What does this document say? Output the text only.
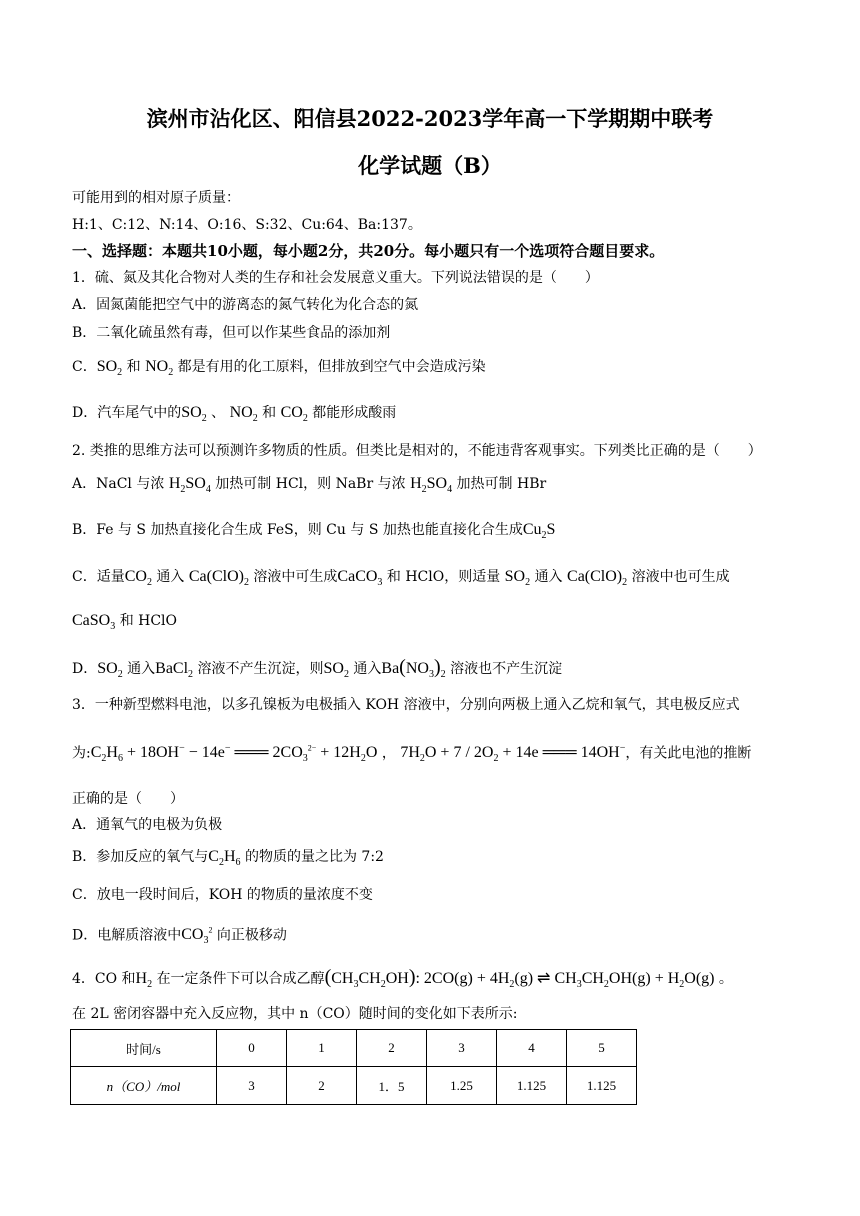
滨州市沾化区、阳信县2022-2023学年高一下学期期中联考
化学试题（B）
可能用到的相对原子质量：
H:1、C:12、N:14、O:16、S:32、Cu:64、Ba:137。
一、选择题：本题共10小题，每小题2分，共20分。每小题只有一个选项符合题目要求。
1．硫、氮及其化合物对人类的生存和社会发展意义重大。下列说法错误的是（　　）
A．固氮菌能把空气中的游离态的氮气转化为化合态的氮
B．二氧化硫虽然有毒，但可以作某些食品的添加剂
C．$SO_2$ 和 $NO_2$ 都是有用的化工原料，但排放到空气中会造成污染
D．汽车尾气中的$SO_2$ 、 $NO_2$ 和 $CO_2$ 都能形成酸雨
2. 类推的思维方法可以预测许多物质的性质。但类比是相对的，不能违背客观事实。下列类比正确的是（　　）
A．NaCl 与浓 $H_2SO_4$ 加热可制 HCl，则 NaBr 与浓 $H_2SO_4$ 加热可制 HBr
B．Fe 与 S 加热直接化合生成 FeS，则 Cu 与 S 加热也能直接化合生成$Cu_2S$
C．适量$CO_2$ 通入 $Ca(ClO)_2$ 溶液中可生成CaCO$_3$ 和 HClO，则适量 $SO_2$ 通入 $Ca(ClO)_2$ 溶液中也可生成
CaSO$_3$ 和 HClO
D．$SO_2$ 通入BaCl$_2$ 溶液不产生沉淀，则$SO_2$ 通入$Ba(NO_3)_2$ 溶液也不产生沉淀
3．一种新型燃料电池，以多孔镍板为电极插入 KOH 溶液中，分别向两极上通入乙烷和氧气，其电极反应式
为$:C_2H_6 + 18OH^- - 14e^-$ ═══ $2CO_3^{2-} + 12H_2O$ ， $7H_2O + 7 / 2O_2 + 14e$ ═══ 14OH−，有关此电池的推断
正确的是（　　）
A．通氧气的电极为负极
B．参加反应的氧气与$C_2H_6$ 的物质的量之比为 7:2
C．放电一段时间后，KOH 的物质的量浓度不变
D．电解质溶液中$CO_3^2$ 向正极移动
4．CO 和$H_2$ 在一定条件下可以合成乙醇$(CH_3CH_2OH)$: $2CO(g) + 4H_2(g)$ ⇌ $CH_3CH_2OH(g) + H_2O(g)$ 。
在 2L 密闭容器中充入反应物，其中 n（CO）随时间的变化如下表所示:
时间/s	0	1	2	3	4	5
n（CO）/mol	3	2	1．5	1.25	1.125	1.125
